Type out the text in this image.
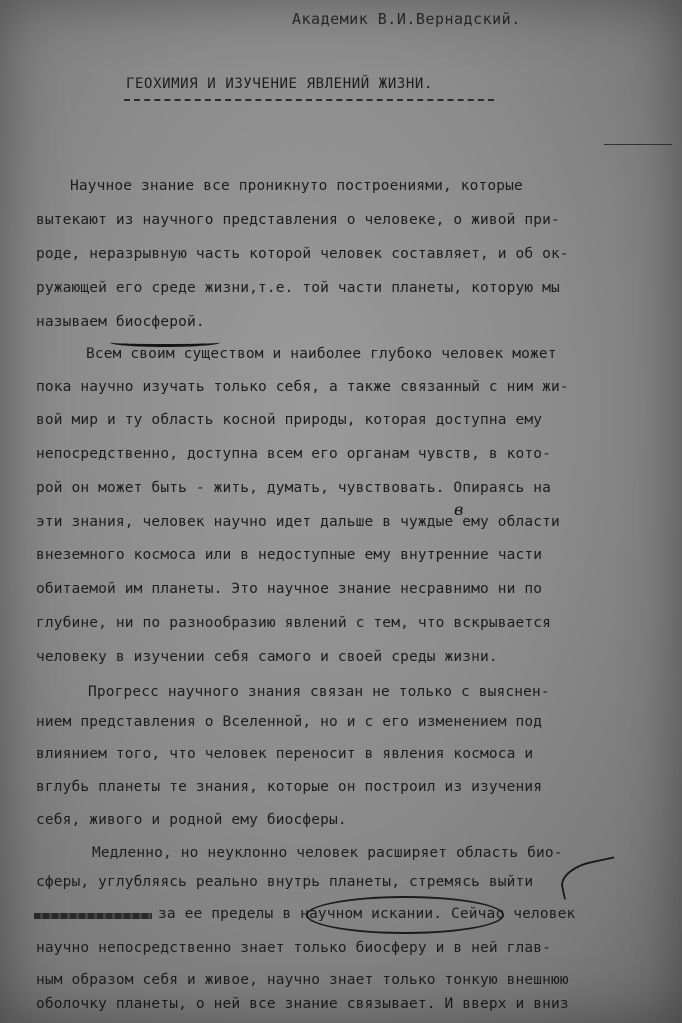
Академик В.И.Вернадский.
ГЕОХИМИЯ И ИЗУЧЕНИЕ ЯВЛЕНИЙ ЖИЗНИ.
Научное знание все проникнуто построениями, которые
вытекают из научного представления о человеке, о живой при-
роде, неразрывную часть которой человек составляет, и об ок-
ружающей его среде жизни,т.е. той части планеты, которую мы
называем биосферой.
Всем своим существом и наиболее глубоко человек может
пока научно изучать только себя, а также связанный с ним жи-
вой мир и ту область косной природы, которая доступна ему
непосредственно, доступна всем его органам чувств, в кото-
рой он может быть - жить, думать, чувствовать. Опираясь на
эти знания, человек научно идет дальше в чуждые ему области
внеземного космоса или в недоступные ему внутренние части
обитаемой им планеты. Это научное знание несравнимо ни по
глубине, ни по разнообразию явлений с тем, что вскрывается
человеку в изучении себя самого и своей среды жизни.
в
Прогресс научного знания связан не только с выяснен-
нием представления о Вселенной, но и с его изменением под
влиянием того, что человек переносит в явления космоса и
вглубь планеты те знания, которые он построил из изучения
себя, живого и родной ему биосферы.
Медленно, но неуклонно человек расширяет область био-
сферы, углубляясь реально внутрь планеты, стремясь выйти
за ее пределы в научном искании. Сейчас человек
научно непосредственно знает только биосферу и в ней глав-
ным образом себя и живое, научно знает только тонкую внешнюю
оболочку планеты, о ней все знание связывает. И вверх и вниз
